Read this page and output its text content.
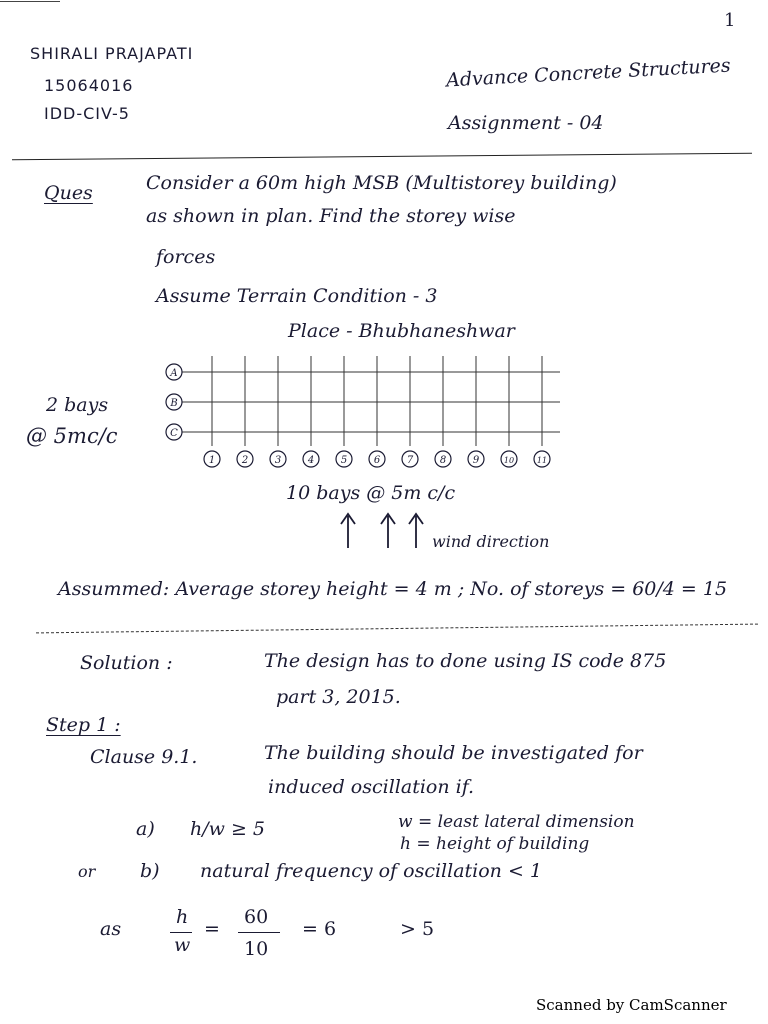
1
SHIRALI PRAJAPATI
15064016
IDD-CIV-5
Advance Concrete Structures
Assignment - 04
Ques	Consider a 60m high MSB (Multistorey building)
as shown in plan. Find the storey wise
forces
Assume Terrain Condition - 3
Place - Bhubhaneshwar
A
B
C
1	2	3	4	5	6	7	8	9	10	11
2 bays
@ 5mc/c
10 bays @ 5m c/c
wind direction
Assummed: Average storey height = 4 m ; No. of storeys = 60/4 = 15
Solution :	The design has to done using IS code 875
part 3, 2015.
Step 1 :
Clause 9.1.	The building should be investigated for
induced oscillation if.
a) h/w ≥ 5	w = least lateral dimension
h = height of building
or b) natural frequency of oscillation < 1
as
h
w
=
60
10
= 6	> 5
Scanned by CamScanner
